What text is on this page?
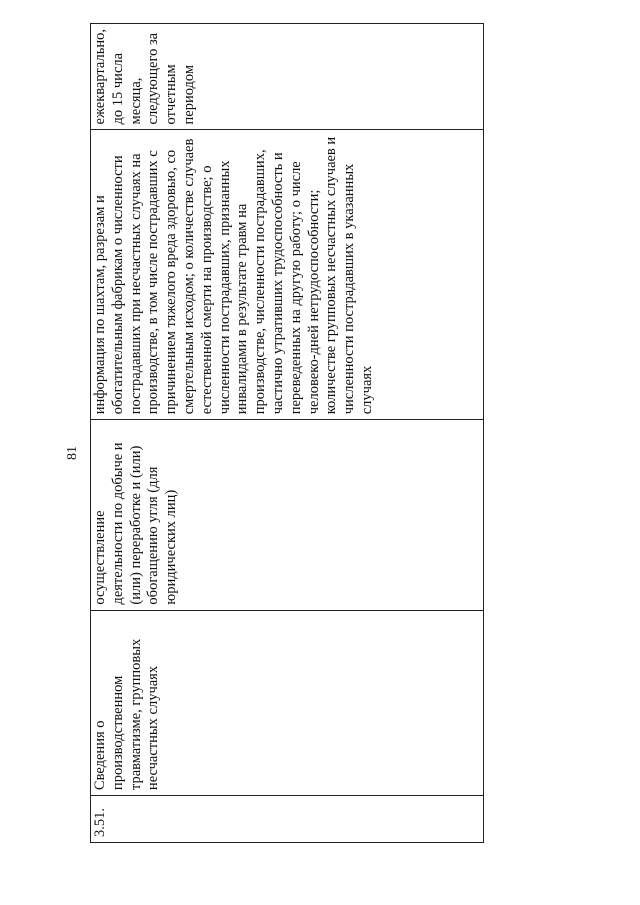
81
3.51.	Сведения о производственном травматизме, групповых несчастных случаях	осуществление деятельности по добыче и (или) переработке и (или) обогащению угля (для юридических лиц)	информация по шахтам, разрезам и обогатительным фабрикам о численности пострадавших при несчастных случаях на производстве, в том числе пострадавших с причинением тяжелого вреда здоровью, со смертельным исходом; о количестве случаев естественной смерти на производстве; о численности пострадавших, признанных инвалидами в результате травм на производстве, численности пострадавших, частично утративших трудоспособность и переведенных на другую работу; о числе человеко-дней нетрудоспособности; количестве групповых несчастных случаев и численности пострадавших в указанных случаях	ежеквартально, до 15 числа месяца, следующего за отчетным периодом
